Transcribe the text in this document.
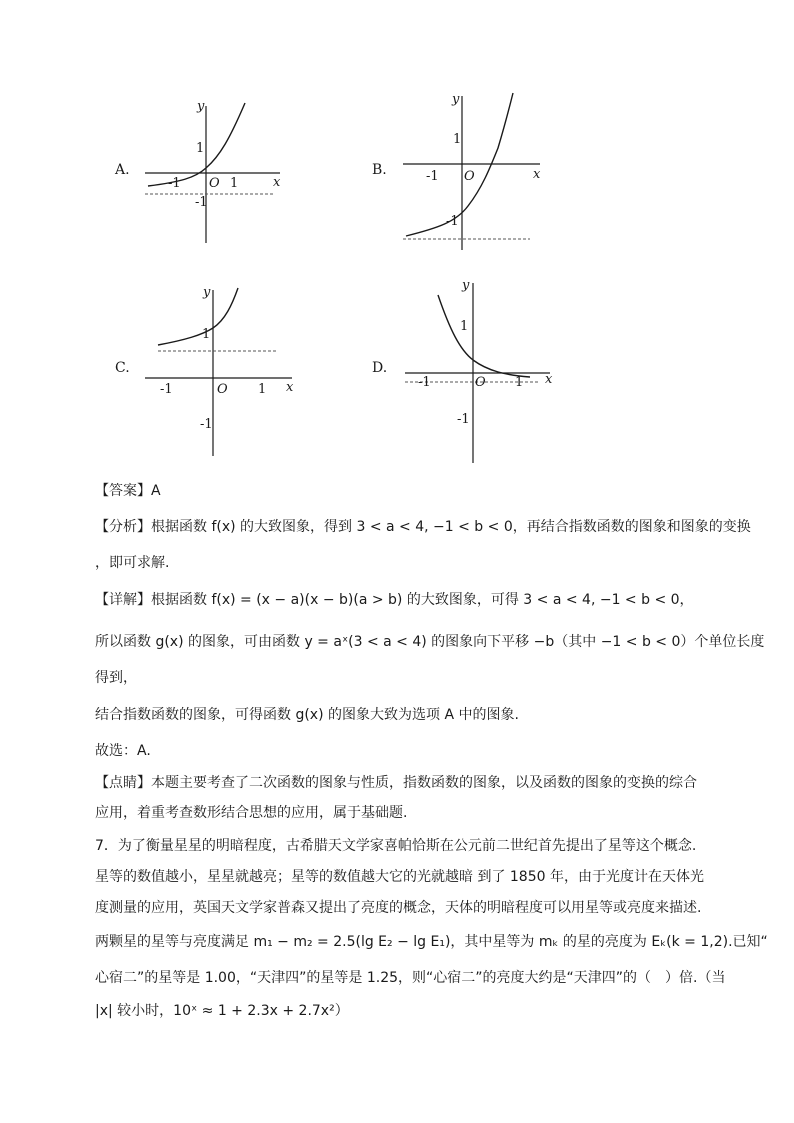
A.
y
x
1
-1
-1	1
O
B.
y
x
1
-1
-1 O
C.
y
x
1
-1
-1	1
O
D.
y
x
1
-1
-1	1
O
【答案】A
【分析】根据函数 f(x) 的大致图象，得到 3 < a < 4, −1 < b < 0，再结合指数函数的图象和图象的变换
，即可求解.
【详解】根据函数 f(x) = (x − a)(x − b)(a > b) 的大致图象，可得 3 < a < 4, −1 < b < 0，
所以函数 g(x) 的图象，可由函数 y = aˣ(3 < a < 4) 的图象向下平移 −b（其中 −1 < b < 0）个单位长度
得到，
结合指数函数的图象，可得函数 g(x) 的图象大致为选项 A 中的图象.
故选：A.
【点睛】本题主要考查了二次函数的图象与性质，指数函数的图象，以及函数的图象的变换的综合
应用，着重考查数形结合思想的应用，属于基础题.
7．为了衡量星星的明暗程度，古希腊天文学家喜帕恰斯在公元前二世纪首先提出了星等这个概念.
星等的数值越小，星星就越亮；星等的数值越大它的光就越暗 到了 1850 年，由于光度计在天体光
度测量的应用，英国天文学家普森又提出了亮度的概念，天体的明暗程度可以用星等或亮度来描述.
两颗星的星等与亮度满足 m₁ − m₂ = 2.5(lg E₂ − lg E₁)，其中星等为 mₖ 的星的亮度为 Eₖ(k = 1,2).已知“
心宿二”的星等是 1.00，“天津四”的星等是 1.25，则“心宿二”的亮度大约是“天津四”的（　）倍.（当
|x| 较小时，10ˣ ≈ 1 + 2.3x + 2.7x²）
